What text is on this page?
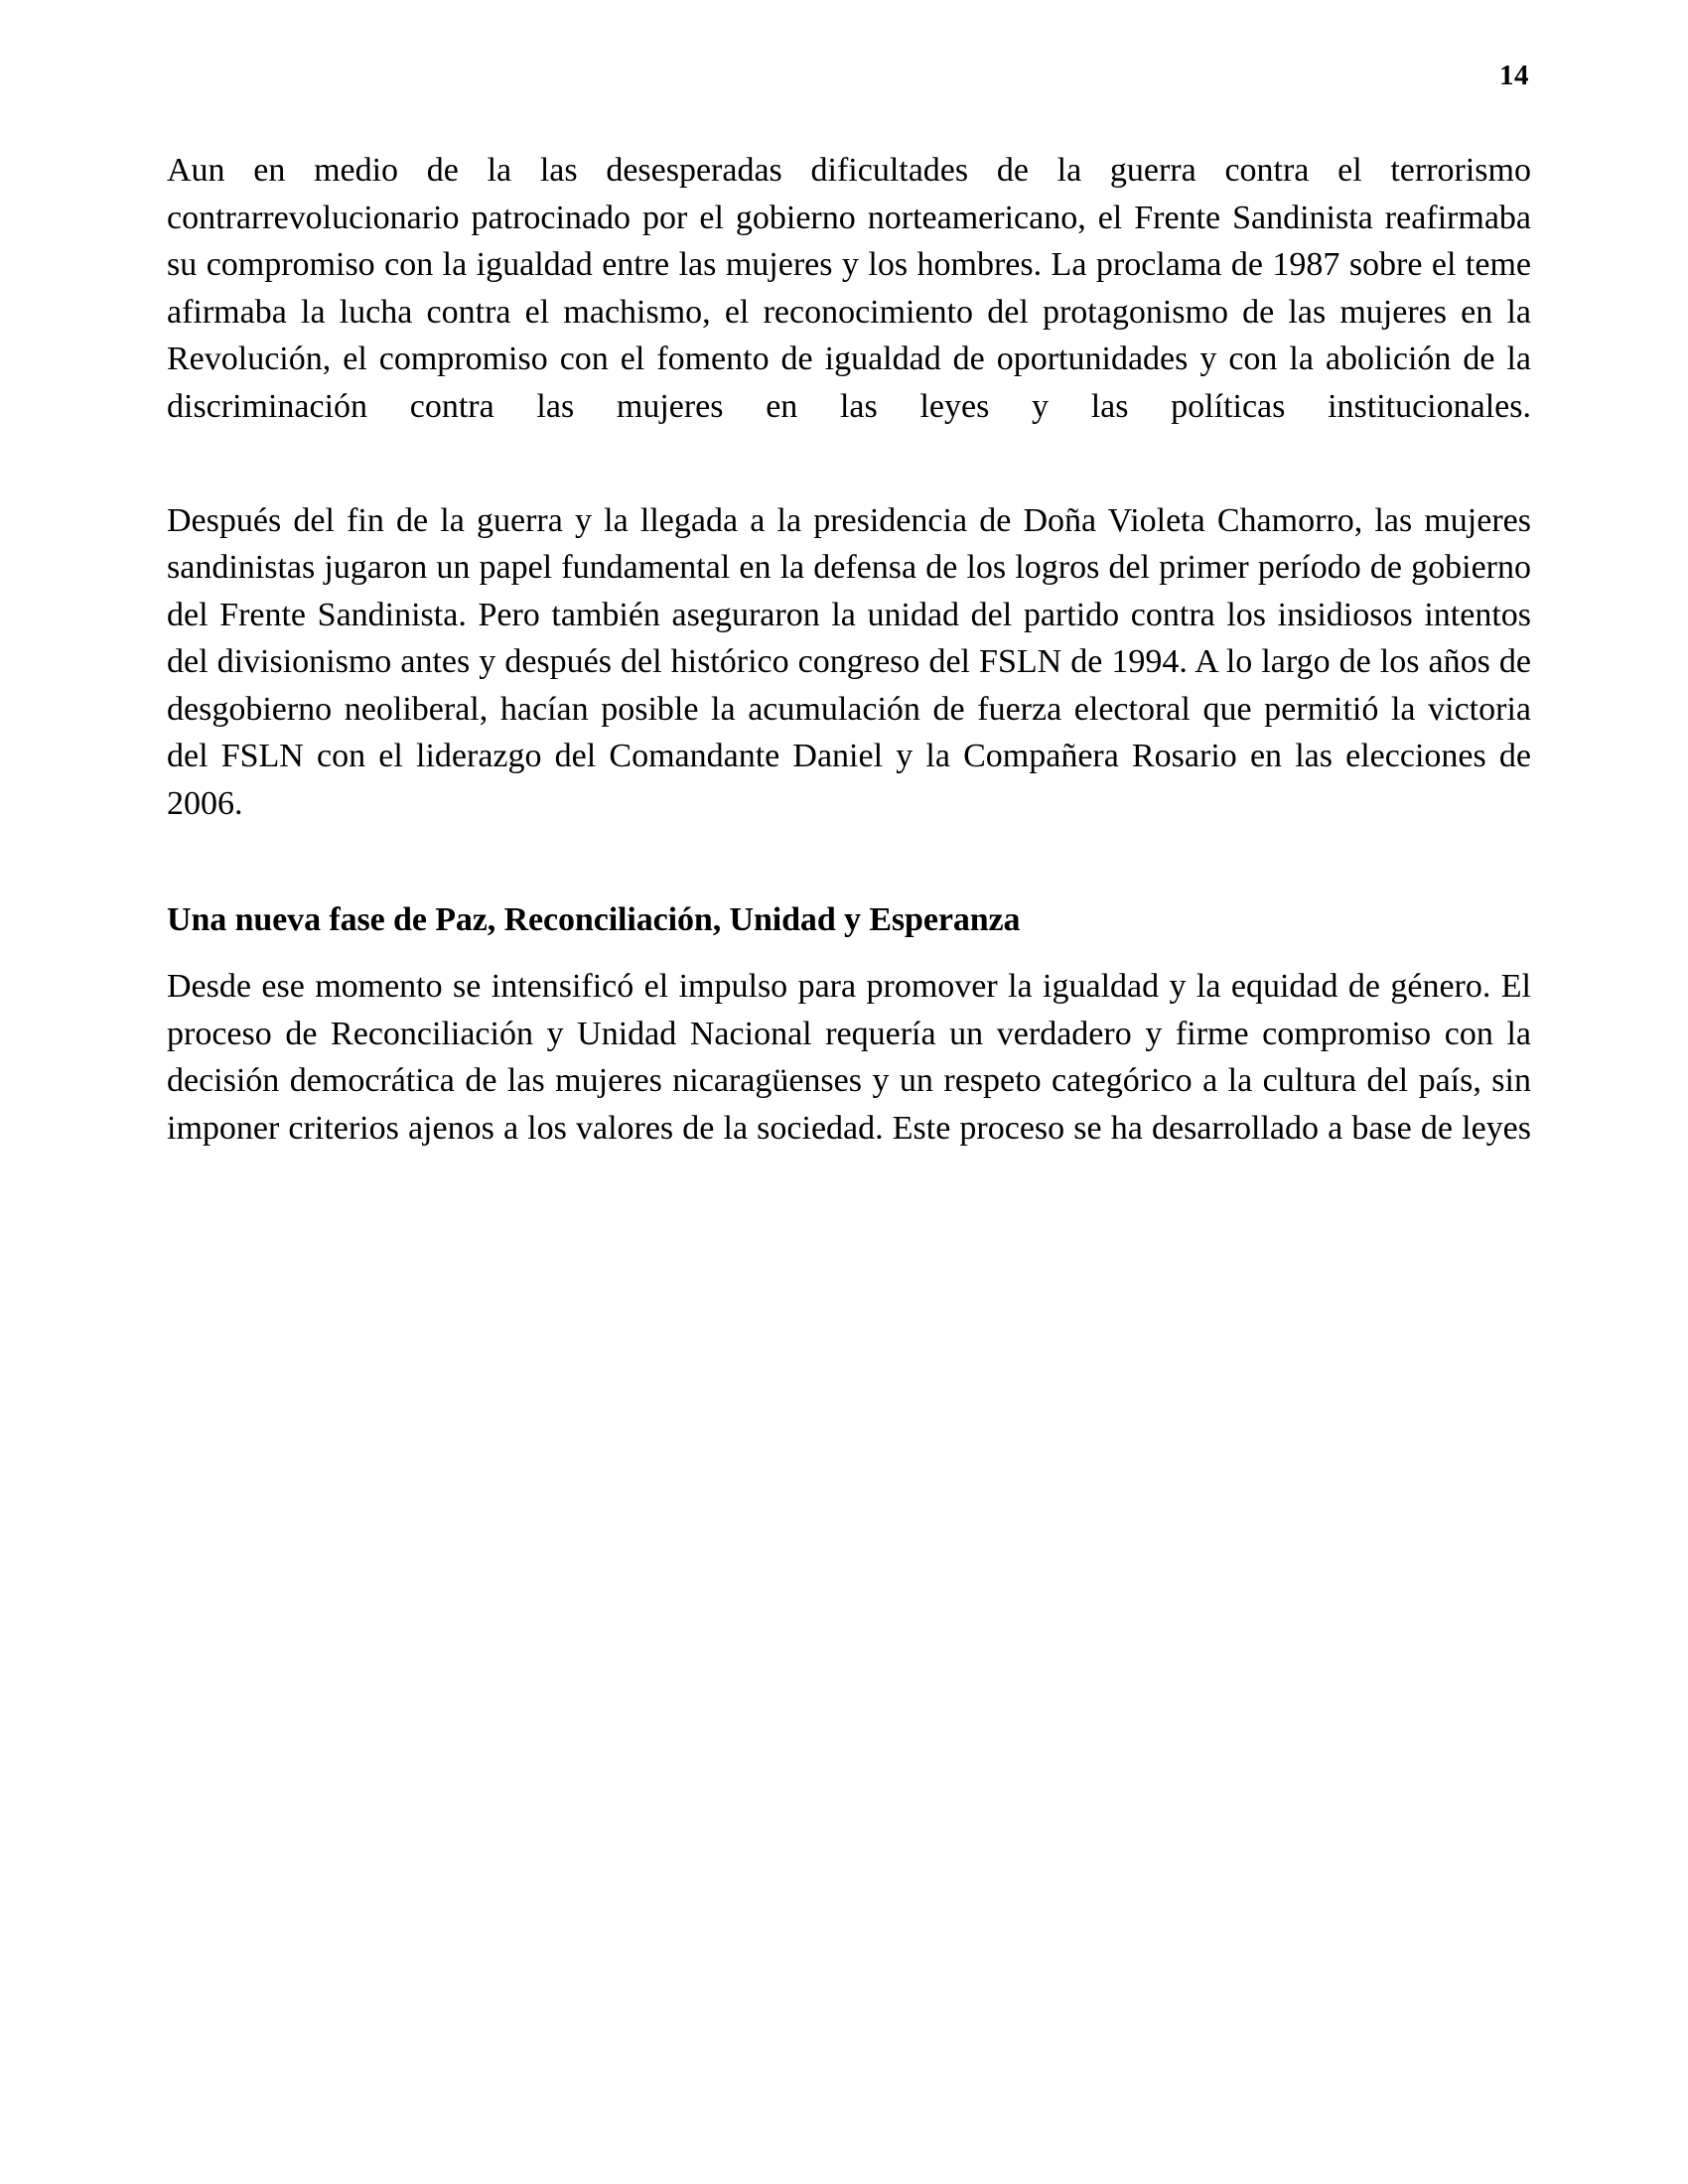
14

Aun en medio de la las desesperadas dificultades de la guerra contra el terrorismo contrarrevolucionario patrocinado por el gobierno norteamericano, el Frente Sandinista reafirmaba su compromiso con la igualdad entre las mujeres y los hombres. La proclama de 1987 sobre el teme afirmaba la lucha contra el machismo, el reconocimiento del protagonismo de las mujeres en la Revolución, el compromiso con el fomento de igualdad de oportunidades y con la abolición de la discriminación contra las mujeres en las leyes y las políticas institucionales.

Después del fin de la guerra y la llegada a la presidencia de Doña Violeta Chamorro, las mujeres sandinistas jugaron un papel fundamental en la defensa de los logros del primer período de gobierno del Frente Sandinista. Pero también aseguraron la unidad del partido contra los insidiosos intentos del divisionismo antes y después del histórico congreso del FSLN de 1994. A lo largo de los años de desgobierno neoliberal, hacían posible la acumulación de fuerza electoral que permitió la victoria del FSLN con el liderazgo del Comandante Daniel y la Compañera Rosario en las elecciones de 2006.

Una nueva fase de Paz, Reconciliación, Unidad y Esperanza

Desde ese momento se intensificó el impulso para promover la igualdad y la equidad de género. El proceso de Reconciliación y Unidad Nacional requería un verdadero y firme compromiso con la decisión democrática de las mujeres nicaragüenses y un respeto categórico a la cultura del país, sin imponer criterios ajenos a los valores de la sociedad. Este proceso se ha desarrollado a base de leyes
